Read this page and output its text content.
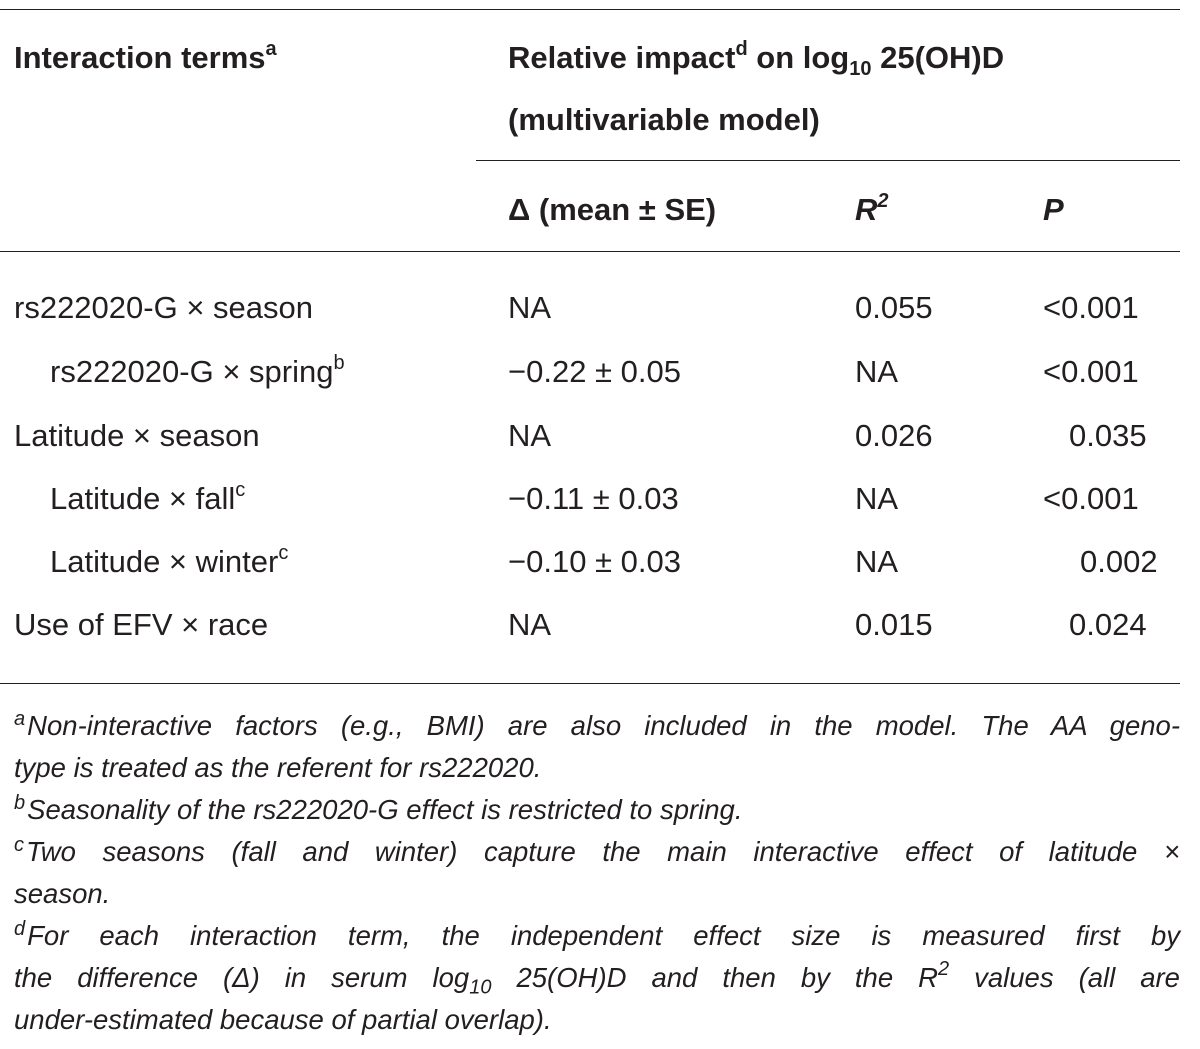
Interaction terms$^a$	Relative impact$^d$ on $\log_{10} 25(OH)D$
(multivariable model)
Δ (mean ± SE)	$R^2$	P
rs222020-G × season	NA	0.055	<0.001
rs222020-G × spring$^b$	−0.22 ± 0.05	NA	<0.001
Latitude × season	NA	0.026	0.035
Latitude × fall$^c$	−0.11 ± 0.03	NA	<0.001
Latitude × winter$^c$	−0.10 ± 0.03	NA	0.002
Use of EFV × race	NA	0.015	0.024
$^a$Non-interactive factors (e.g., BMI) are also included in the model. The AA geno-
type is treated as the referent for rs222020.
$^b$Seasonality of the rs222020-G effect is restricted to spring.
$^c$Two seasons (fall and winter) capture the main interactive effect of latitude ×
season.
$^d$For each interaction term, the independent effect size is measured first by
the difference (Δ) in serum $\log_{10} 25(OH)D$ and then by the $R^2$ values (all are
under-estimated because of partial overlap).
